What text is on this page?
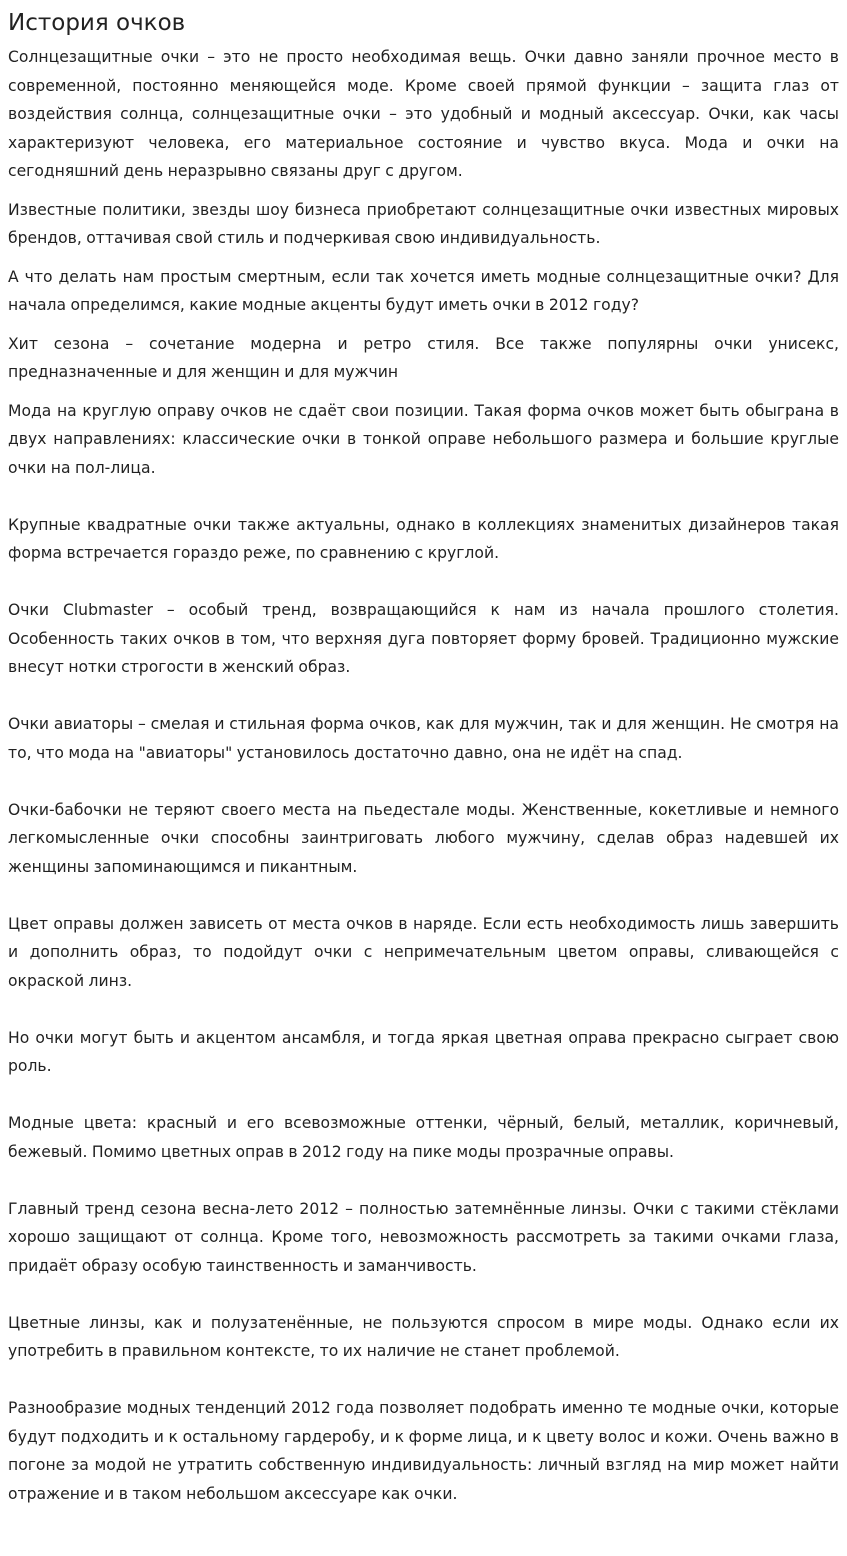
История очков

Солнцезащитные очки – это не просто необходимая вещь. Очки давно заняли прочное место в современной, постоянно меняющейся моде. Кроме своей прямой функции – защита глаз от воздействия солнца, солнцезащитные очки – это удобный и модный аксессуар. Очки, как часы характеризуют человека, его материальное состояние и чувство вкуса. Мода и очки на сегодняшний день неразрывно связаны друг с другом.

Известные политики, звезды шоу бизнеса приобретают солнцезащитные очки известных мировых брендов, оттачивая свой стиль и подчеркивая свою индивидуальность.

А что делать нам простым смертным, если так хочется иметь модные солнцезащитные очки? Для начала определимся, какие модные акценты будут иметь очки в 2012 году?

Хит сезона – сочетание модерна и ретро стиля. Все также популярны очки унисекс, предназначенные и для женщин и для мужчин

Мода на круглую оправу очков не сдаёт свои позиции. Такая форма очков может быть обыграна в двух направлениях: классические очки в тонкой оправе небольшого размера и большие круглые очки на пол-лица.

Крупные квадратные очки также актуальны, однако в коллекциях знаменитых дизайнеров такая форма встречается гораздо реже, по сравнению с круглой.

Очки Clubmaster – особый тренд, возвращающийся к нам из начала прошлого столетия. Особенность таких очков в том, что верхняя дуга повторяет форму бровей. Традиционно мужские внесут нотки строгости в женский образ.

Очки авиаторы – смелая и стильная форма очков, как для мужчин, так и для женщин. Не смотря на то, что мода на "авиаторы" установилось достаточно давно, она не идёт на спад.

Очки-бабочки не теряют своего места на пьедестале моды. Женственные, кокетливые и немного легкомысленные очки способны заинтриговать любого мужчину, сделав образ надевшей их женщины запоминающимся и пикантным.

Цвет оправы должен зависеть от места очков в наряде. Если есть необходимость лишь завершить и дополнить образ, то подойдут очки с непримечательным цветом оправы, сливающейся с окраской линз.

Но очки могут быть и акцентом ансамбля, и тогда яркая цветная оправа прекрасно сыграет свою роль.

Модные цвета: красный и его всевозможные оттенки, чёрный, белый, металлик, коричневый, бежевый. Помимо цветных оправ в 2012 году на пике моды прозрачные оправы.

Главный тренд сезона весна-лето 2012 – полностью затемнённые линзы. Очки с такими стёклами хорошо защищают от солнца. Кроме того, невозможность рассмотреть за такими очками глаза, придаёт образу особую таинственность и заманчивость.

Цветные линзы, как и полузатенённые, не пользуются спросом в мире моды. Однако если их употребить в правильном контексте, то их наличие не станет проблемой.

Разнообразие модных тенденций 2012 года позволяет подобрать именно те модные очки, которые будут подходить и к остальному гардеробу, и к форме лица, и к цвету волос и кожи. Очень важно в погоне за модой не утратить собственную индивидуальность: личный взгляд на мир может найти отражение и в таком небольшом аксессуаре как очки.
